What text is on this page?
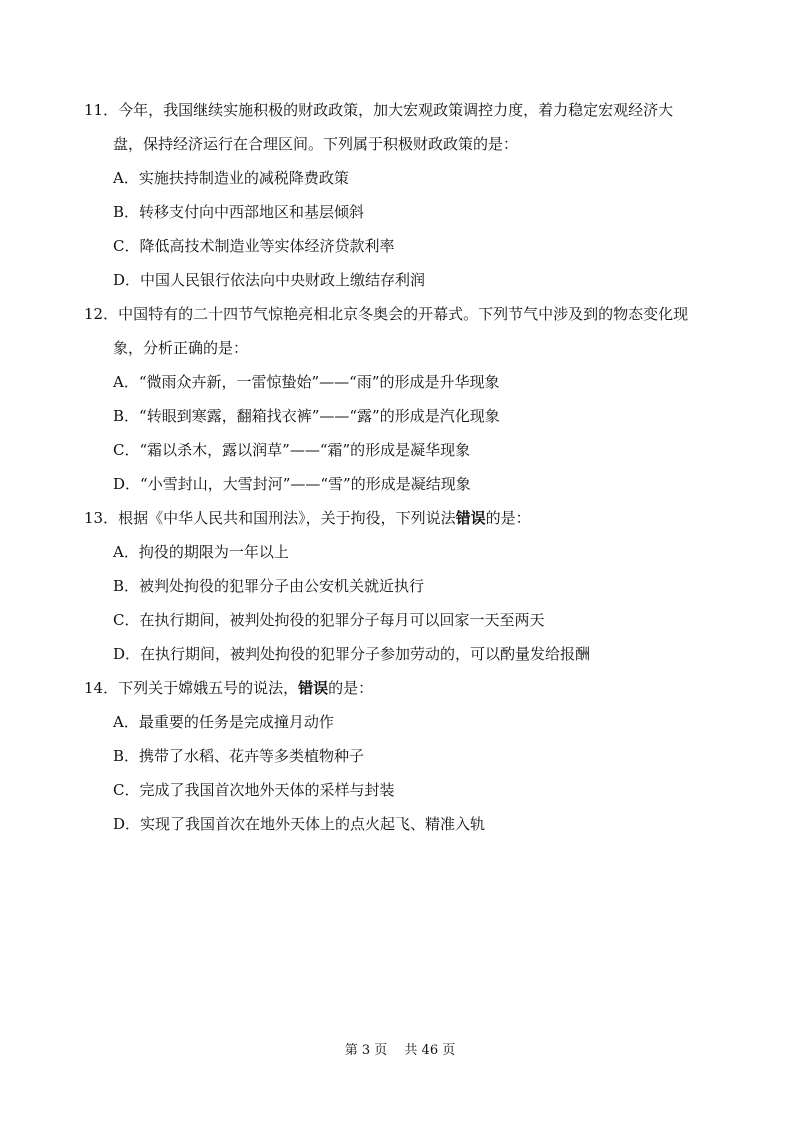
11．今年，我国继续实施积极的财政政策，加大宏观政策调控力度，着力稳定宏观经济大
盘，保持经济运行在合理区间。下列属于积极财政政策的是：
A．实施扶持制造业的减税降费政策
B．转移支付向中西部地区和基层倾斜
C．降低高技术制造业等实体经济贷款利率
D．中国人民银行依法向中央财政上缴结存利润
12．中国特有的二十四节气惊艳亮相北京冬奥会的开幕式。下列节气中涉及到的物态变化现
象，分析正确的是：
A．“微雨众卉新，一雷惊蛰始”——“雨”的形成是升华现象
B．“转眼到寒露，翻箱找衣裤”——“露”的形成是汽化现象
C．“霜以杀木，露以润草”——“霜”的形成是凝华现象
D．“小雪封山，大雪封河”——“雪”的形成是凝结现象
13．根据《中华人民共和国刑法》，关于拘役，下列说法错误的是：
A．拘役的期限为一年以上
B．被判处拘役的犯罪分子由公安机关就近执行
C．在执行期间，被判处拘役的犯罪分子每月可以回家一天至两天
D．在执行期间，被判处拘役的犯罪分子参加劳动的，可以酌量发给报酬
14．下列关于嫦娥五号的说法，错误的是：
A．最重要的任务是完成撞月动作
B．携带了水稻、花卉等多类植物种子
C．完成了我国首次地外天体的采样与封装
D．实现了我国首次在地外天体上的点火起飞、精准入轨
第 3 页　 共 46 页
